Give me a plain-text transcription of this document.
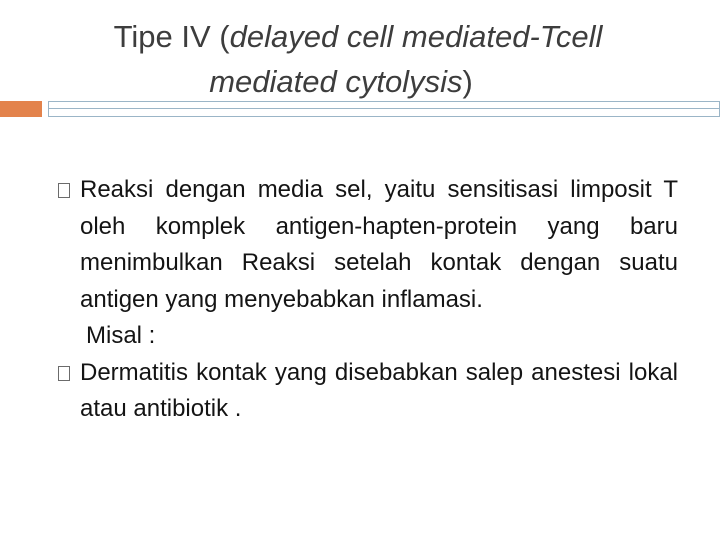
Tipe IV (delayed cell mediated-Tcell
mediated cytolysis)

Reaksi dengan media sel, yaitu sensitisasi limposit T oleh komplek antigen-hapten-protein yang baru menimbulkan Reaksi setelah kontak dengan suatu antigen yang menyebabkan inflamasi.

Misal :

Dermatitis kontak yang disebabkan salep anestesi lokal atau antibiotik .
